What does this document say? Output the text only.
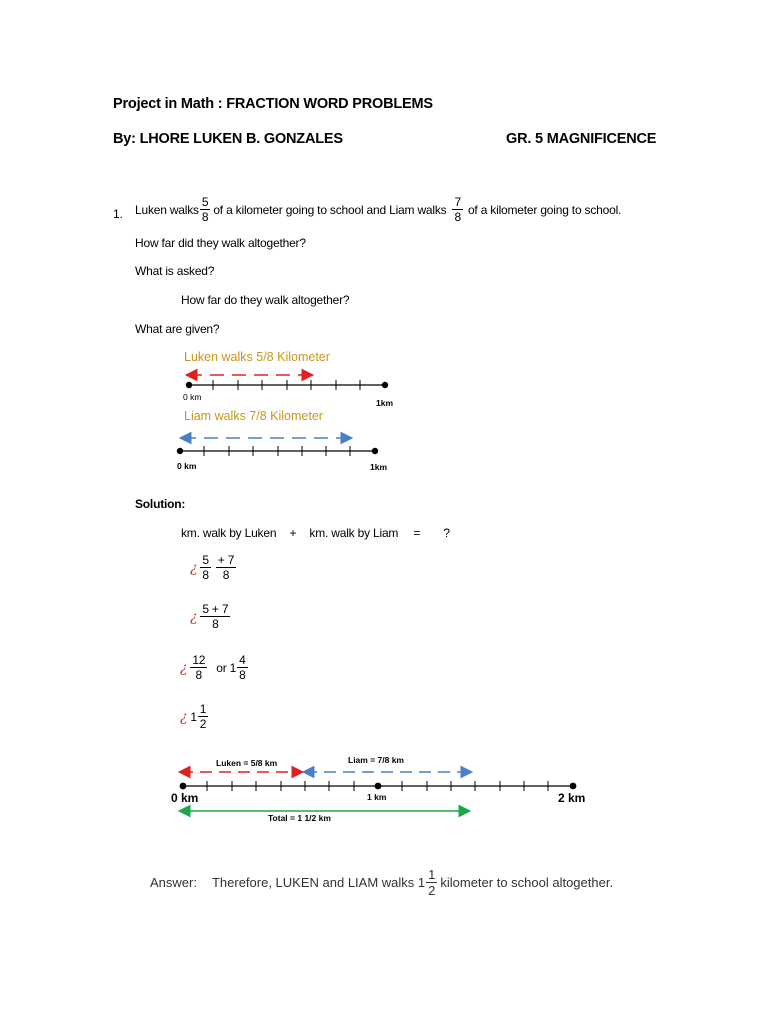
Project in Math : FRACTION WORD PROBLEMS
By: LHORE LUKEN B. GONZALES	GR. 5 MAGNIFICENCE
1. Luken walks $\frac{5}{8}$ of a kilometer going to school and Liam walks $\frac{7}{8}$ of a kilometer going to school.
How far did they walk altogether?
What is asked?
How far do they walk altogether?
What are given?
Luken walks 5/8 Kilometer
0 km
1km
Liam walks 7/8 Kilometer
0 km	1km
Solution:
km. walk by Luken + km. walk by Liam = ?
¿ $\frac{5}{8} \frac{+ 7}{8}$
¿ $\frac{5 + 7}{8}$
¿ $\frac{12}{8}$ or $1 \frac{4}{8}$
¿ $1 \frac{1}{2}$
Luken = 5/8 km	Liam = 7/8 km
0 km	1 km	2 km
Total = 1 1/2 km
Answer: Therefore, LUKEN and LIAM walks $1 \frac{1}{2}$ kilometer to school altogether.
